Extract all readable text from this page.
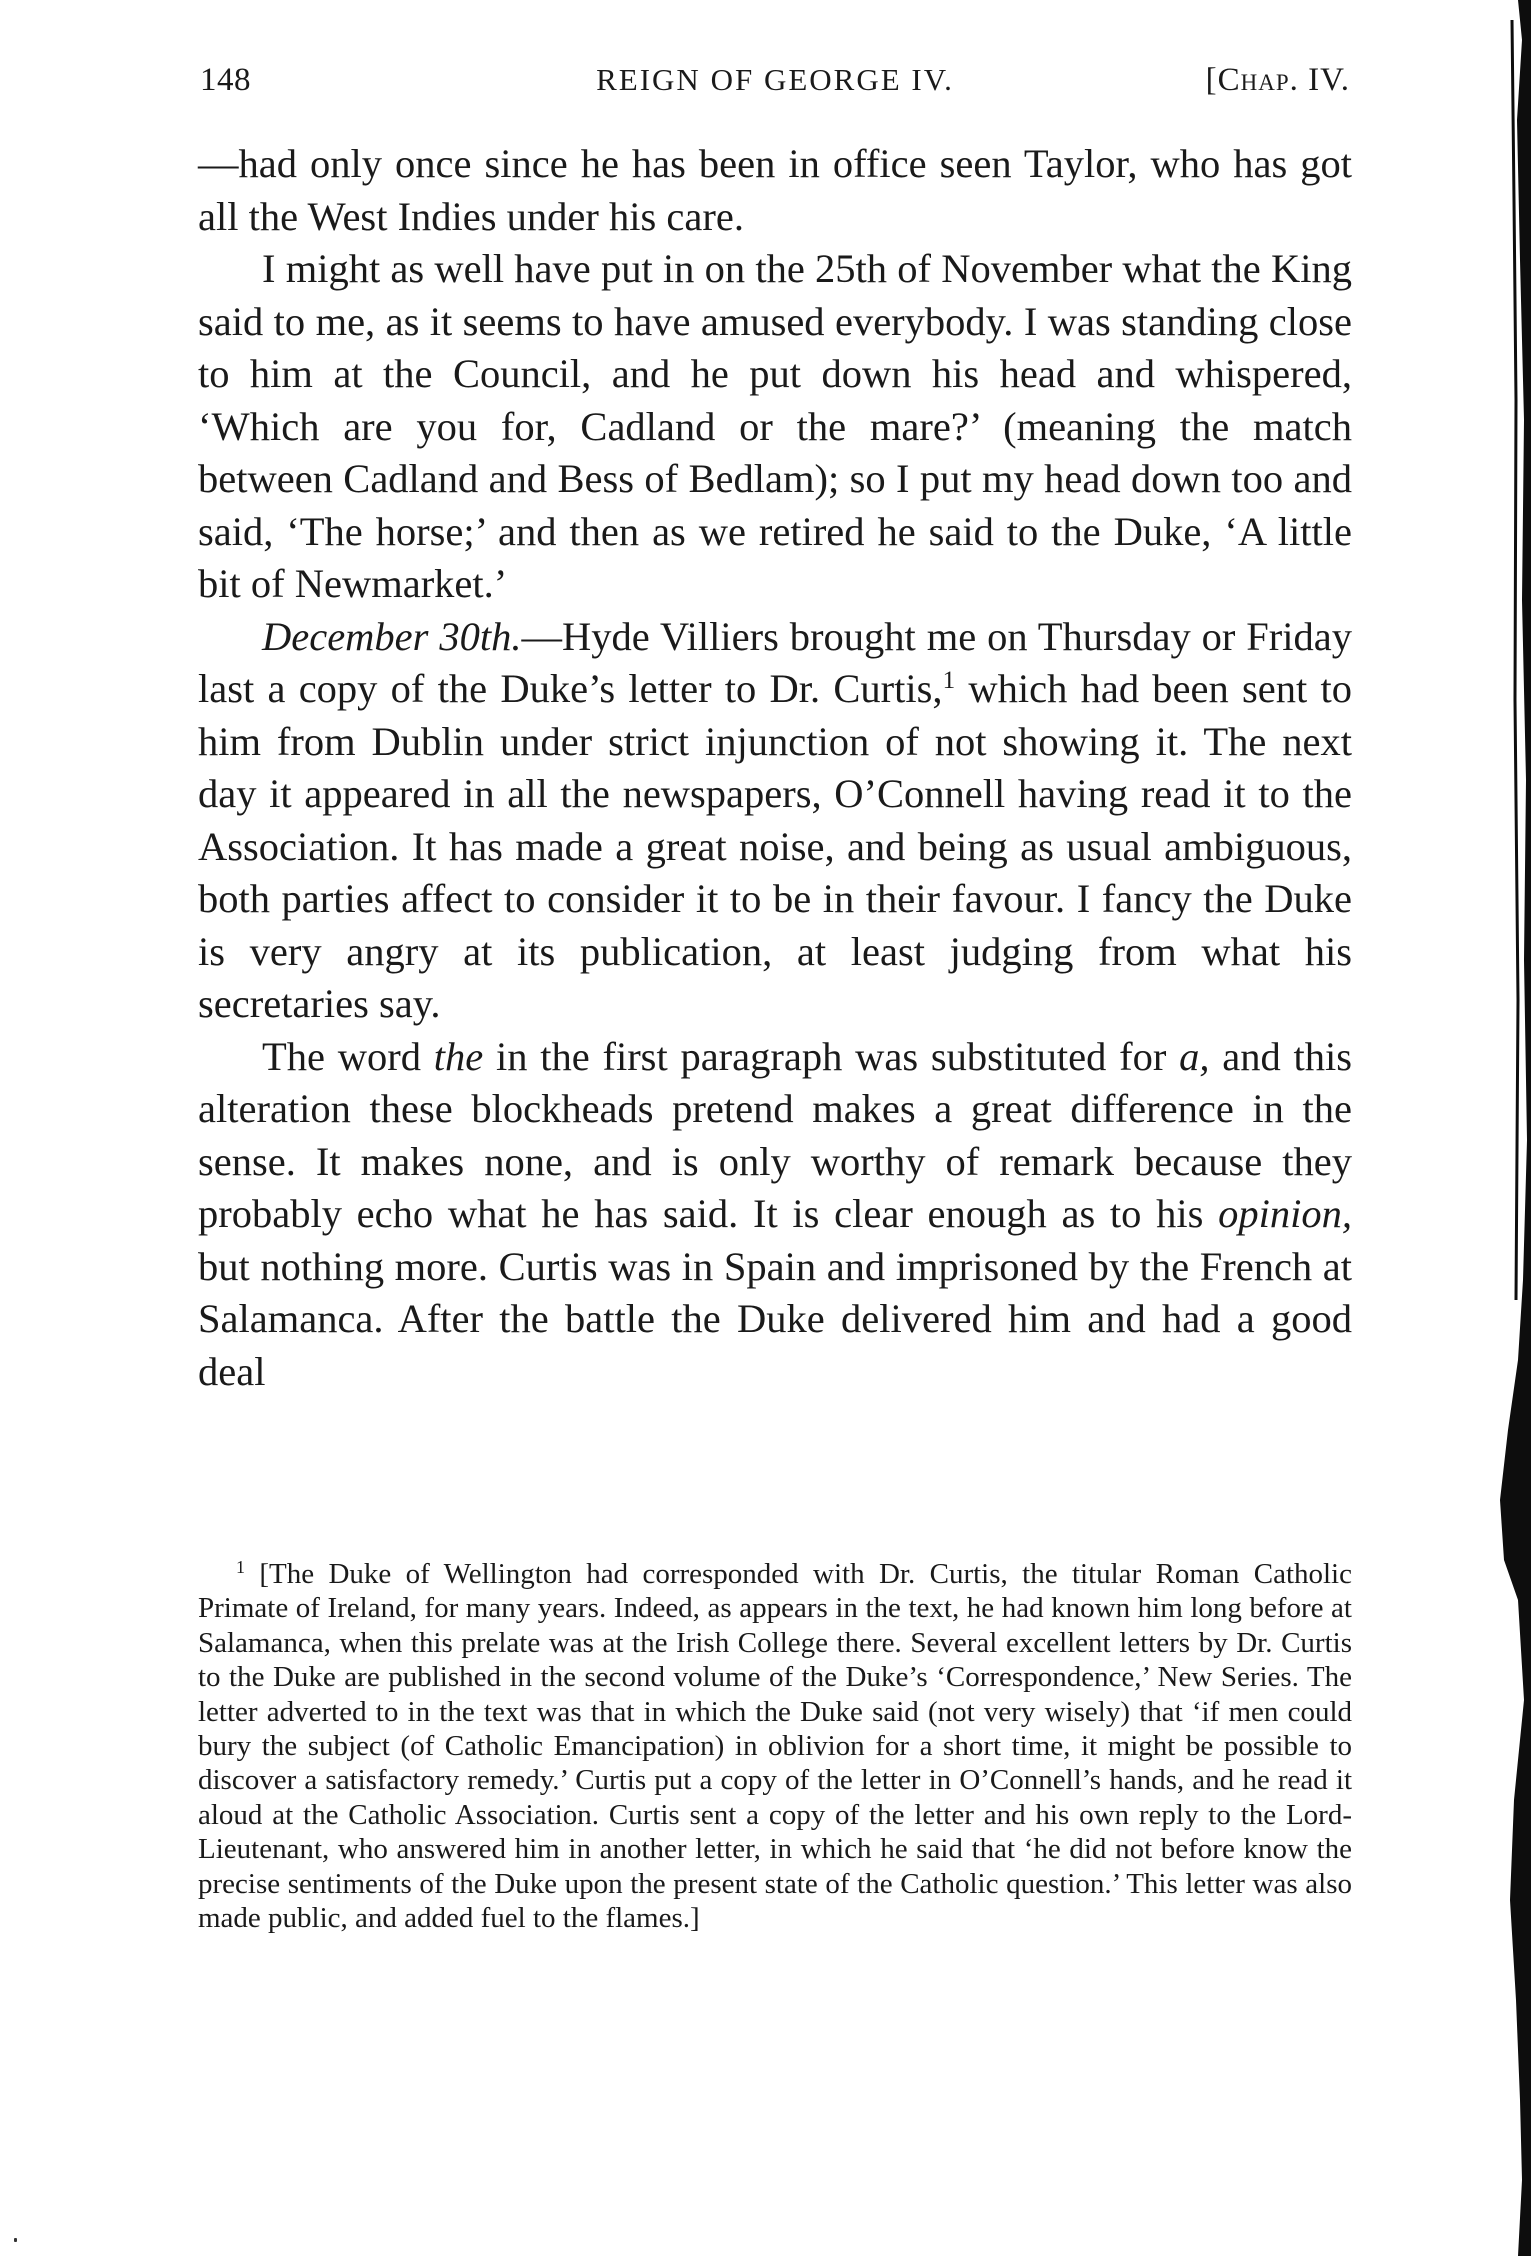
148	REIGN OF GEORGE IV.	[Chap. IV.

—had only once since he has been in office seen Taylor, who has got all the West Indies under his care.

I might as well have put in on the 25th of November what the King said to me, as it seems to have amused everybody. I was standing close to him at the Council, and he put down his head and whispered, ‘Which are you for, Cadland or the mare?’ (meaning the match between Cadland and Bess of Bedlam); so I put my head down too and said, ‘The horse;’ and then as we retired he said to the Duke, ‘A little bit of Newmarket.’

December 30th.—Hyde Villiers brought me on Thursday or Friday last a copy of the Duke’s letter to Dr. Curtis,$^1$ which had been sent to him from Dublin under strict injunction of not showing it. The next day it appeared in all the newspapers, O’Connell having read it to the Association. It has made a great noise, and being as usual ambiguous, both parties affect to consider it to be in their favour. I fancy the Duke is very angry at its publication, at least judging from what his secretaries say.

The word the in the first paragraph was substituted for a, and this alteration these blockheads pretend makes a great difference in the sense. It makes none, and is only worthy of remark because they probably echo what he has said. It is clear enough as to his opinion, but nothing more. Curtis was in Spain and imprisoned by the French at Salamanca. After the battle the Duke delivered him and had a good deal

$^1$ [The Duke of Wellington had corresponded with Dr. Curtis, the titular Roman Catholic Primate of Ireland, for many years. Indeed, as appears in the text, he had known him long before at Salamanca, when this prelate was at the Irish College there. Several excellent letters by Dr. Curtis to the Duke are published in the second volume of the Duke’s ‘Correspondence,’ New Series. The letter adverted to in the text was that in which the Duke said (not very wisely) that ‘if men could bury the subject (of Catholic Emancipation) in oblivion for a short time, it might be possible to discover a satisfactory remedy.’ Curtis put a copy of the letter in O’Connell’s hands, and he read it aloud at the Catholic Association. Curtis sent a copy of the letter and his own reply to the Lord-Lieutenant, who answered him in another letter, in which he said that ‘he did not before know the precise sentiments of the Duke upon the present state of the Catholic question.’ This letter was also made public, and added fuel to the flames.]
